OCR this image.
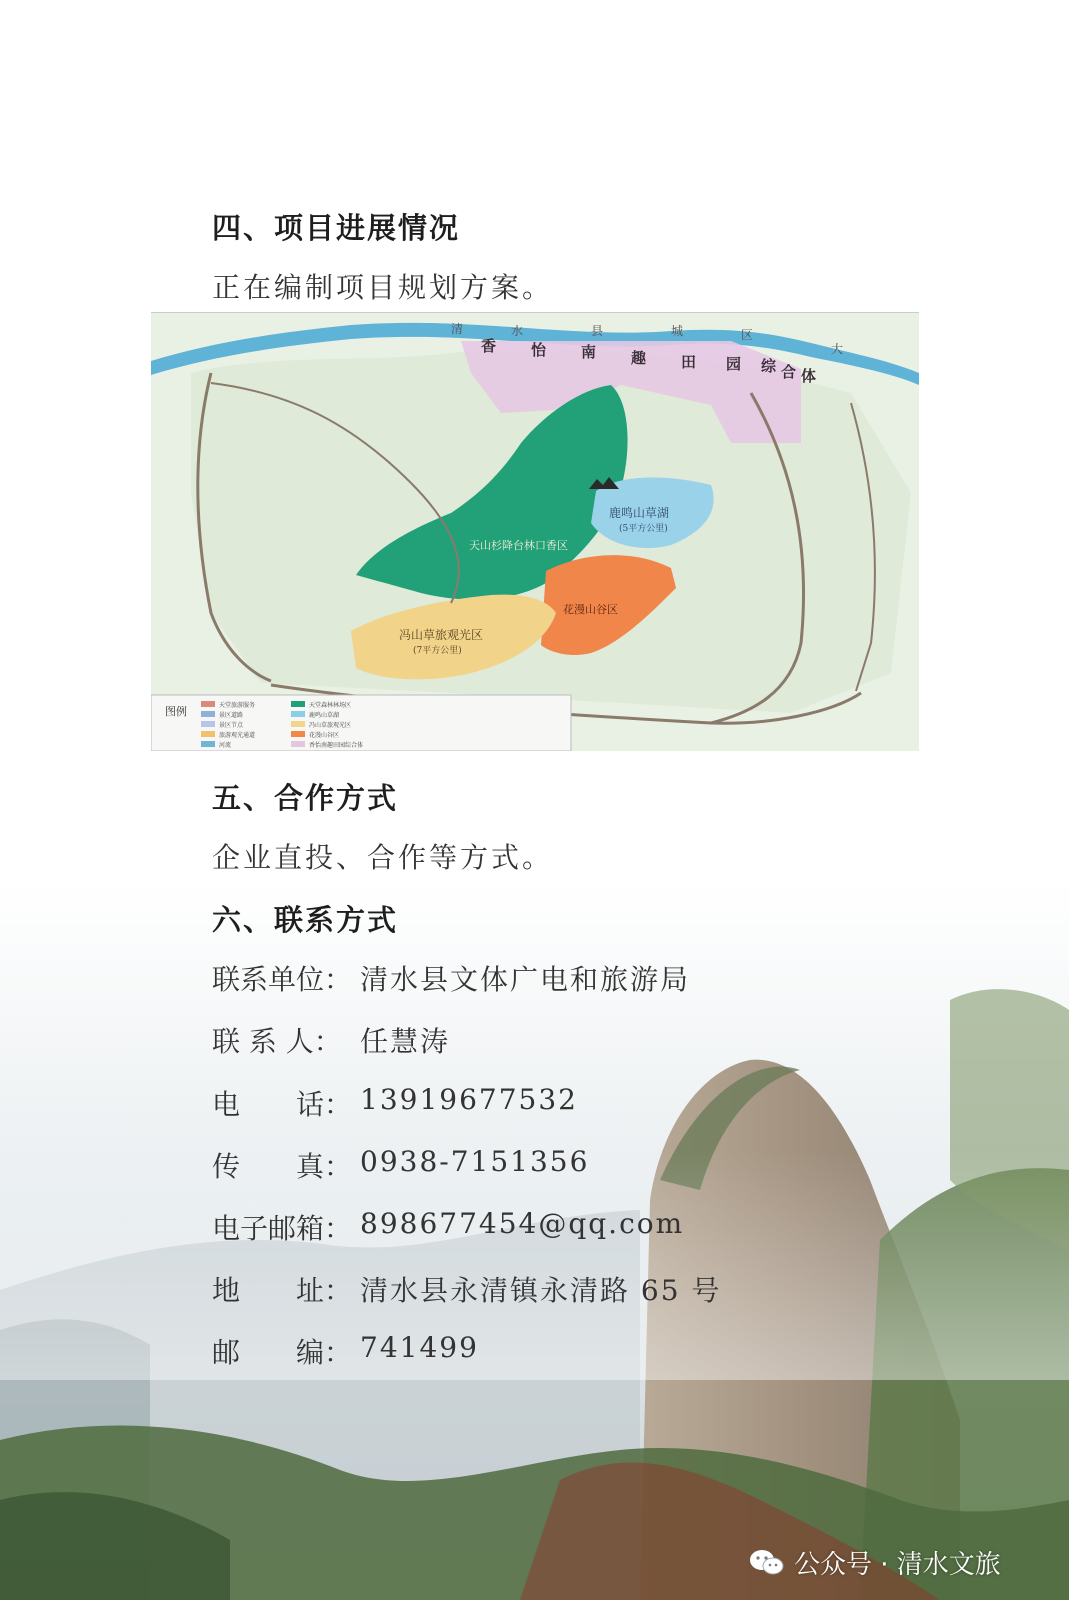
四、项目进展情况
正在编制项目规划方案。
清	水	县	城	区
大
香 怡 南 趣 田 园 综 合 体
天山杉降台林口香区
鹿鸣山草湖
(5平方公里)
花漫山谷区
冯山草旅观光区
(7平方公里)
图例	天堂旅游服务
景区道路
景区节点
旅游观光通道
河流
天堂森林林场区
鹿鸣山草湖
冯山草旅观光区
花漫山谷区
香怡南趣田园综合体
五、合作方式
企业直投、合作等方式。
六、联系方式
联系单位： 清水县文体广电和旅游局
联 系 人： 任慧涛
电　　话： 13919677532
传　　真： 0938-7151356
电子邮箱： 898677454@qq.com
地　　址： 清水县永清镇永清路 65 号
邮　　编： 741499
公众号 · 清水文旅
